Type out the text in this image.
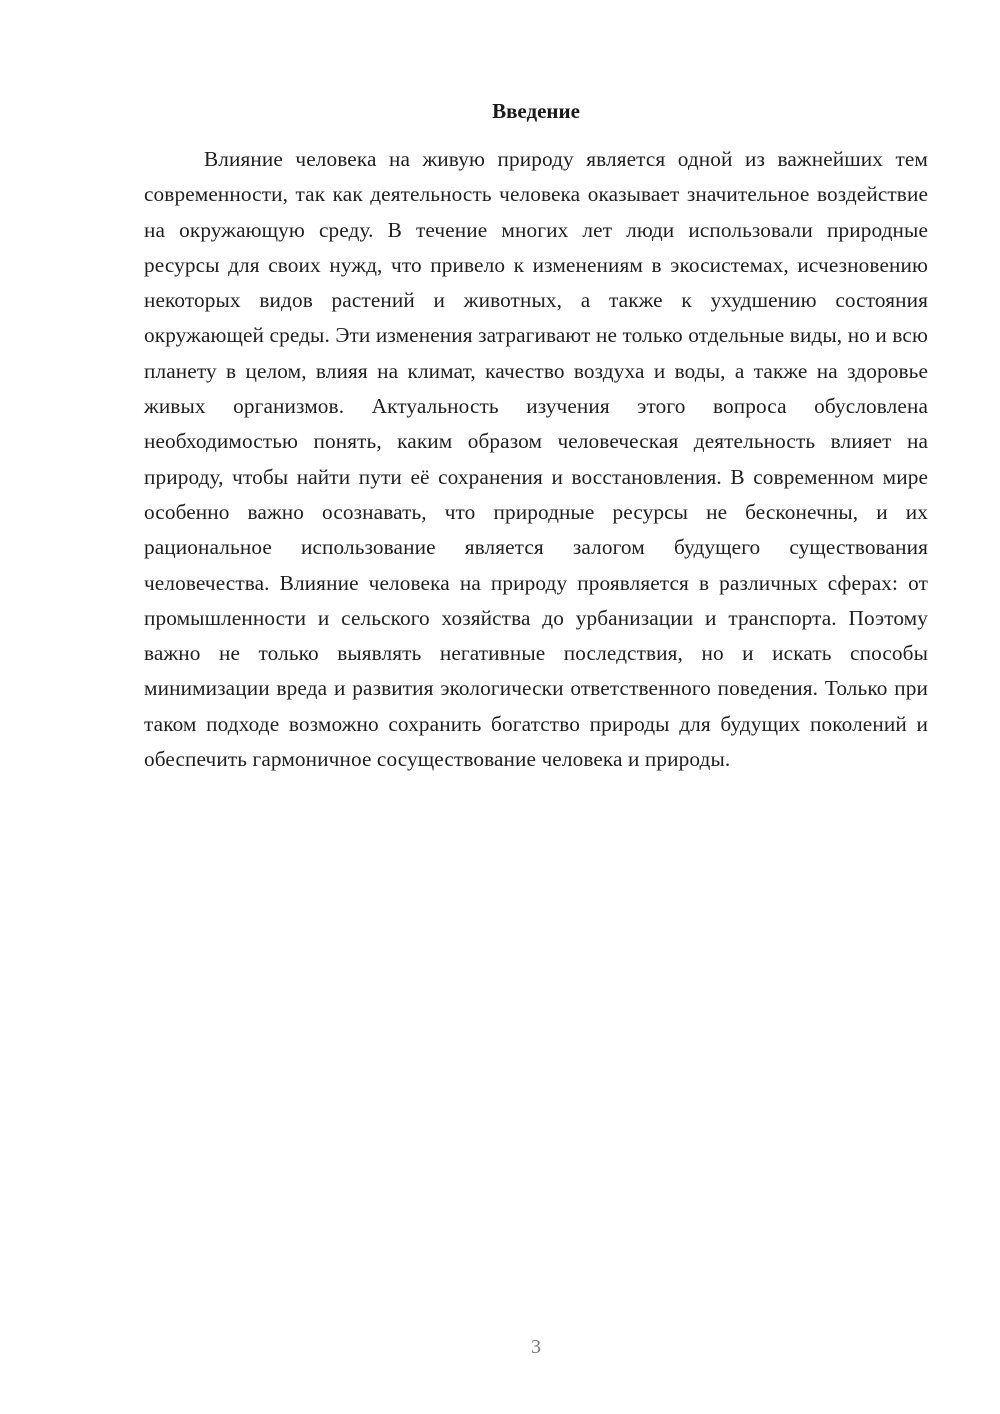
Введение

Влияние человека на живую природу является одной из важнейших тем современности, так как деятельность человека оказывает значительное воздействие на окружающую среду. В течение многих лет люди использовали природные ресурсы для своих нужд, что привело к изменениям в экосистемах, исчезновению некоторых видов растений и животных, а также к ухудшению состояния окружающей среды. Эти изменения затрагивают не только отдельные виды, но и всю планету в целом, влияя на климат, качество воздуха и воды, а также на здоровье живых организмов. Актуальность изучения этого вопроса обусловлена необходимостью понять, каким образом человеческая деятельность влияет на природу, чтобы найти пути её сохранения и восстановления. В современном мире особенно важно осознавать, что природные ресурсы не бесконечны, и их рациональное использование является залогом будущего существования человечества. Влияние человека на природу проявляется в различных сферах: от промышленности и сельского хозяйства до урбанизации и транспорта. Поэтому важно не только выявлять негативные последствия, но и искать способы минимизации вреда и развития экологически ответственного поведения. Только при таком подходе возможно сохранить богатство природы для будущих поколений и обеспечить гармоничное сосуществование человека и природы.

3
